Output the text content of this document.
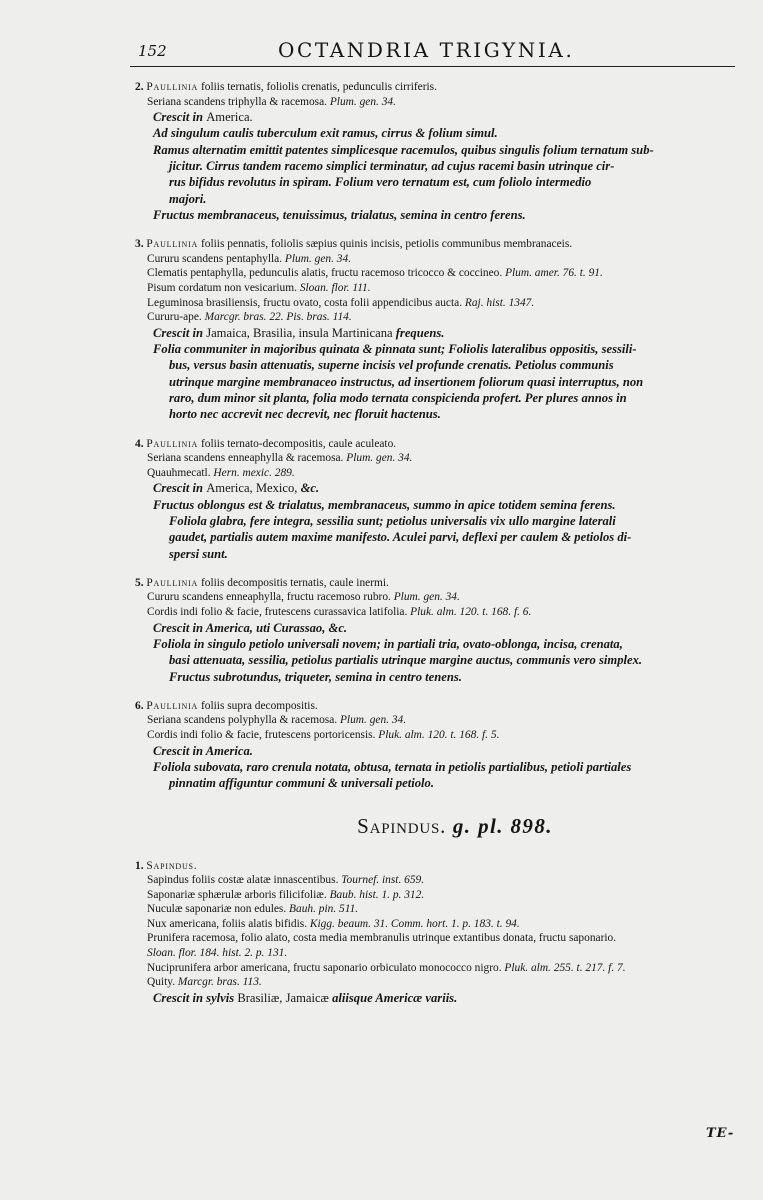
152	OCTANDRIA TRIGYNIA.
2. Paullinia foliis ternatis, foliolis crenatis, pedunculis cirriferis.
Seriana scandens triphylla & racemosa. Plum. gen. 34.
Crescit in America.
Ad singulum caulis tuberculum exit ramus, cirrus & folium simul.
Ramus alternatim emittit patentes simplicesque racemulos, quibus singulis folium ternatum sub-
jicitur. Cirrus tandem racemo simplici terminatur, ad cujus racemi basin utrinque cir-
rus bifidus revolutus in spiram. Folium vero ternatum est, cum foliolo intermedio
majori.
Fructus membranaceus, tenuissimus, trialatus, semina in centro ferens.
3. Paullinia foliis pennatis, foliolis sæpius quinis incisis, petiolis communibus membranaceis.
Cururu scandens pentaphylla. Plum. gen. 34.
Clematis pentaphylla, pedunculis alatis, fructu racemoso tricocco & coccineo. Plum. amer. 76. t. 91.
Pisum cordatum non vesicarium. Sloan. flor. 111.
Leguminosa brasiliensis, fructu ovato, costa folii appendicibus aucta. Raj. hist. 1347.
Cururu-ape. Marcgr. bras. 22. Pis. bras. 114.
Crescit in Jamaica, Brasilia, insula Martinicana frequens.
Folia communiter in majoribus quinata & pinnata sunt; Foliolis lateralibus oppositis, sessili-
bus, versus basin attenuatis, superne incisis vel profunde crenatis. Petiolus communis
utrinque margine membranaceo instructus, ad insertionem foliorum quasi interruptus, non
raro, dum minor sit planta, folia modo ternata conspicienda profert. Per plures annos in
horto nec accrevit nec decrevit, nec floruit hactenus.
4. Paullinia foliis ternato-decompositis, caule aculeato.
Seriana scandens enneaphylla & racemosa. Plum. gen. 34.
Quauhmecatl. Hern. mexic. 289.
Crescit in America, Mexico, &c.
Fructus oblongus est & trialatus, membranaceus, summo in apice totidem semina ferens.
Foliola glabra, fere integra, sessilia sunt; petiolus universalis vix ullo margine laterali
gaudet, partialis autem maxime manifesto. Aculei parvi, deflexi per caulem & petiolos di-
spersi sunt.
5. Paullinia foliis decompositis ternatis, caule inermi.
Cururu scandens enneaphylla, fructu racemoso rubro. Plum. gen. 34.
Cordis indi folio & facie, frutescens curassavica latifolia. Pluk. alm. 120. t. 168. f. 6.
Crescit in America, uti Curassao, &c.
Foliola in singulo petiolo universali novem; in partiali tria, ovato-oblonga, incisa, crenata,
basi attenuata, sessilia, petiolus partialis utrinque margine auctus, communis vero simplex.
Fructus subrotundus, triqueter, semina in centro tenens.
6. Paullinia foliis supra decompositis.
Seriana scandens polyphylla & racemosa. Plum. gen. 34.
Cordis indi folio & facie, frutescens portoricensis. Pluk. alm. 120. t. 168. f. 5.
Crescit in America.
Foliola subovata, raro crenula notata, obtusa, ternata in petiolis partialibus, petioli partiales
pinnatim affiguntur communi & universali petiolo.
Sapindus. g. pl. 898.
1. Sapindus.
Sapindus foliis costæ alatæ innascentibus. Tournef. inst. 659.
Saponariæ sphærulæ arboris filicifoliæ. Baub. hist. 1. p. 312.
Nuculæ saponariæ non edules. Bauh. pin. 511.
Nux americana, foliis alatis bifidis. Kigg. beaum. 31. Comm. hort. 1. p. 183. t. 94.
Prunifera racemosa, folio alato, costa media membranulis utrinque extantibus donata, fructu saponario.
Sloan. flor. 184. hist. 2. p. 131.
Nuciprunifera arbor americana, fructu saponario orbiculato monococco nigro. Pluk. alm. 255. t. 217. f. 7.
Quity. Marcgr. bras. 113.
Crescit in sylvis Brasiliæ, Jamaicæ aliisque Americæ variis.
TE-
